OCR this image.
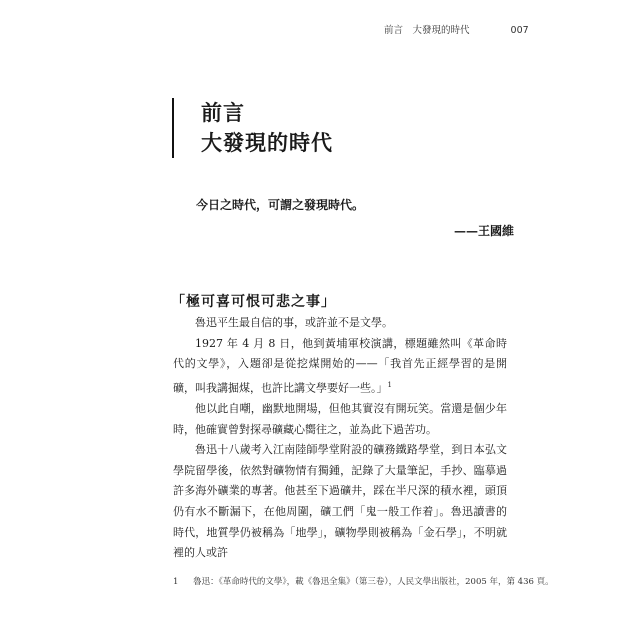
前言　大發現的時代	007
前言
大發現的時代
今日之時代，可謂之發現時代。
——王國維
「極可喜可恨可悲之事」

魯迅平生最自信的事，或許並不是文學。

1927 年 4 月 8 日，他到黃埔軍校演講，標題雖然叫《革命時代的文學》，入題卻是從挖煤開始的——「我首先正經學習的是開礦，叫我講掘煤，也許比講文學要好一些。」$^1$

他以此自嘲，幽默地開場，但他其實沒有開玩笑。當還是個少年時，他確實曾對探尋礦藏心嚮往之，並為此下過苦功。

魯迅十八歲考入江南陸師學堂附設的礦務鐵路學堂，到日本弘文學院留學後，依然對礦物情有獨鍾，記錄了大量筆記，手抄、臨摹過許多海外礦業的專著。他甚至下過礦井，踩在半尺深的積水裡，頭頂仍有水不斷漏下，在他周圍，礦工們「鬼一般工作着」。魯迅讀書的時代，地質學仍被稱為「地學」，礦物學則被稱為「金石學」，不明就裡的人或許

1 魯迅：《革命時代的文學》，載《魯迅全集》（第三卷），人民文學出版社，2005 年，第 436 頁。
